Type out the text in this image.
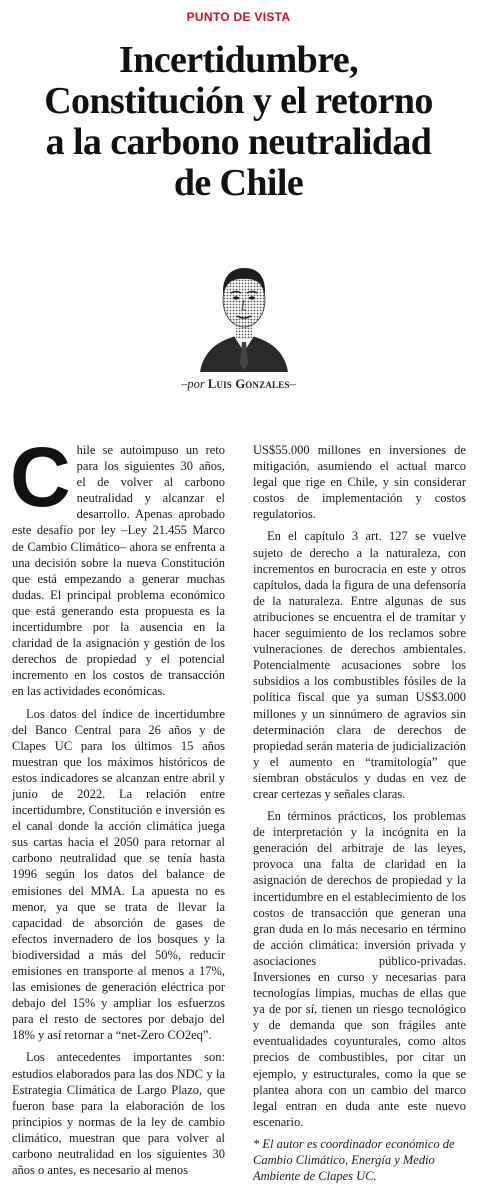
PUNTO DE VISTA
Incertidumbre,
Constitución y el retorno
a la carbono neutralidad
de Chile
–por Luis Gonzales–

Chile se autoimpuso un reto para los siguientes 30 años, el de volver al carbono neutralidad y alcanzar el desarrollo. Apenas aprobado este desafío por ley –Ley 21.455 Marco de Cambio Climático– ahora se enfrenta a una decisión sobre la nueva Constitución que está empezando a generar muchas dudas. El principal problema económico que está generando esta propuesta es la incertidumbre por la ausencia en la claridad de la asignación y gestión de los derechos de propiedad y el potencial incremento en los costos de transacción en las actividades económicas.

Los datos del índice de incertidumbre del Banco Central para 26 años y de Clapes UC para los últimos 15 años muestran que los máximos históricos de estos indicadores se alcanzan entre abril y junio de 2022. La relación entre incertidumbre, Constitución e inversión es el canal donde la acción climática juega sus cartas hacia el 2050 para retornar al carbono neutralidad que se tenía hasta 1996 según los datos del balance de emisiones del MMA. La apuesta no es menor, ya que se trata de llevar la capacidad de absorción de gases de efectos invernadero de los bosques y la biodiversidad a más del 50%, reducir emisiones en transporte al menos a 17%, las emisiones de generación eléctrica por debajo del 15% y ampliar los esfuerzos para el resto de sectores por debajo del 18% y así retornar a “net-Zero CO2eq”.

Los antecedentes importantes son: estudios elaborados para las dos NDC y la Estrategia Climática de Largo Plazo, que fueron base para la elaboración de los principios y normas de la ley de cambio climático, muestran que para volver al carbono neutralidad en los siguientes 30 años o antes, es necesario al menos

US$55.000 millones en inversiones de mitigación, asumiendo el actual marco legal que rige en Chile, y sin considerar costos de implementación y costos regulatorios.

En el capítulo 3 art. 127 se vuelve sujeto de derecho a la naturaleza, con incrementos en burocracia en este y otros capítulos, dada la figura de una defensoría de la naturaleza. Entre algunas de sus atribuciones se encuentra el de tramitar y hacer seguimiento de los reclamos sobre vulneraciones de derechos ambientales. Potencialmente acusaciones sobre los subsidios a los combustibles fósiles de la política fiscal que ya suman US$3.000 millones y un sinnúmero de agravios sin determinación clara de derechos de propiedad serán materia de judicialización y el aumento en “tramitología” que siembran obstáculos y dudas en vez de crear certezas y señales claras.

En términos prácticos, los problemas de interpretación y la incógnita en la generación del arbitraje de las leyes, provoca una falta de claridad en la asignación de derechos de propiedad y la incertidumbre en el establecimiento de los costos de transacción que generan una gran duda en lo más necesario en término de acción climática: inversión privada y asociaciones público-privadas. Inversiones en curso y necesarias para tecnologías limpias, muchas de ellas que ya de por sí, tienen un riesgo tecnológico y de demanda que son frágiles ante eventualidades coyunturales, como altos precios de combustibles, por citar un ejemplo, y estructurales, como la que se plantea ahora con un cambio del marco legal entran en duda ante este nuevo escenario.

* El autor es coordinador económico de Cambio Climático, Energía y Medio Ambiente de Clapes UC.
